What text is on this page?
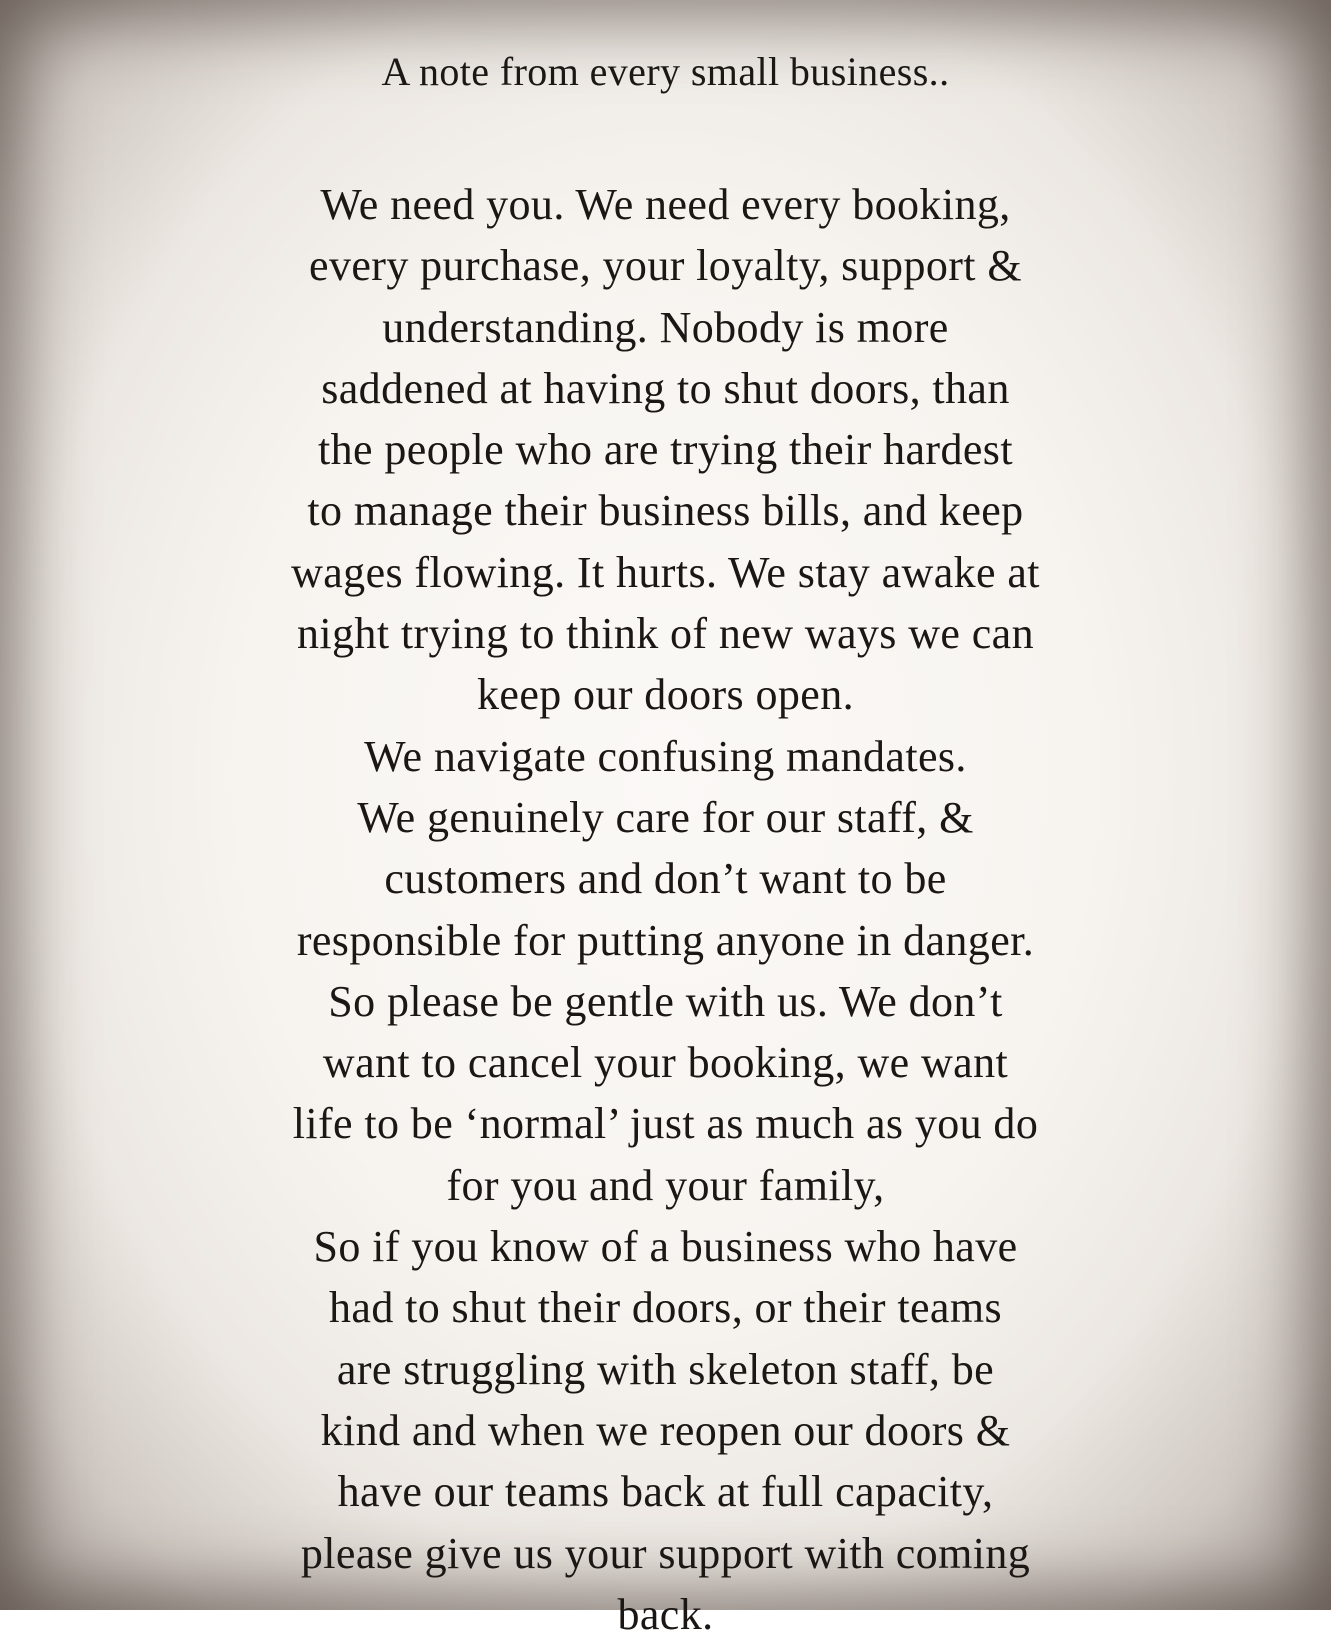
A note from every small business..

We need you. We need every booking,

every purchase, your loyalty, support &

understanding. Nobody is more

saddened at having to shut doors, than

the people who are trying their hardest

to manage their business bills, and keep

wages flowing. It hurts. We stay awake at

night trying to think of new ways we can

keep our doors open.

We navigate confusing mandates.

We genuinely care for our staff, &

customers and don’t want to be

responsible for putting anyone in danger.

So please be gentle with us. We don’t

want to cancel your booking, we want

life to be ‘normal’ just as much as you do

for you and your family,

So if you know of a business who have

had to shut their doors, or their teams

are struggling with skeleton staff, be

kind and when we reopen our doors &

have our teams back at full capacity,

please give us your support with coming

back.
